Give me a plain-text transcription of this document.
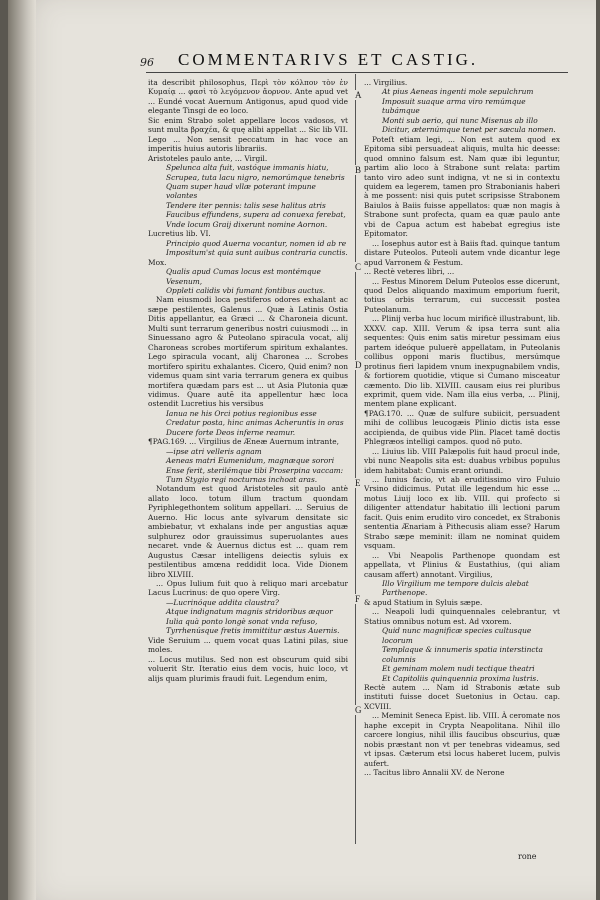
96 COMMENTARIVS ET CASTIG.

ita describit philosophus, Περὶ τὸν κόλπον τὸν ἐν Κυμαίᾳ ... φασὶ τὸ λεγόμενον ἄορνον. Ante apud vet ... Eundé vocat Auernum Antigonus, apud quod vide elegante Tinsgi de eo loco.

Sic enim Strabo solet appellare locos vadosos, vt sunt multa βραχέα, & quę alibi appellat ... Sic lib VII. Lego ... Non sensit peccatum in hac voce an imperitis huius autoris librariis.

Aristoteles paulo ante, ... Virgil.

Spelunca alta fuit, vastóque immanis hiatu,
Scrupea, tuta lacu nigro, nemorúmque tenebris
Quam super haud vllæ poterant impune volantes
Tendere iter pennis: talis sese halitus atris
Faucibus effundens, supera ad conuexa ferebat,
Vnde locum Graij dixerunt nomine Aornon.

Lucretius lib. VI.

Principio quod Auerna vocantur, nomen id ab re
Impositum'st quia sunt auibus contraria cunctis.

Mox.

Qualis apud Cumas locus est montémque Vesenum,
Oppleti calidis vbi fumant fontibus auctus.

Nam eiusmodi loca pestiferos odores exhalant ac sæpe pestilentes, Galenus ... Quæ à Latinis Ostia Ditis appellantur, ea Græci ... & Charoneia dicunt. Multi sunt terrarum generibus nostri cuiusmodi ... in Sinuessano agro & Puteolano spiracula vocat, alij Charoneas scrobes mortiferum spiritum exhalantes. Lego spiracula vocant, alij Charonea ... Scrobes mortifero spiritu exhalantes. Cicero, Quid enim? non videmus quam sint varia terrarum genera ex quibus mortifera quædam pars est ... ut Asia Plutonia quæ vidimus. Quare autē ita appellentur hæc loca ostendit Lucretius his versibus

Ianua ne his Orci potius regionibus esse
Credatur posta, hinc animas Acheruntis in oras
Ducere forte Deos inferne reamur.

¶PAG.169. ... Virgilius de Æneæ Auernum intrante,

—ipse atri velleris agnam
Aeneas matri Eumenidum, magnæque sorori
Ense ferit, sterilémque tibi Proserpina vaccam:
Tum Stygio regi nocturnas inchoat aras.

Notandum est quod Aristoteles sit paulo antè allato loco. totum illum tractum quondam Pyriphlegethontem solitum appellari. ... Seruius de Auerno. Hic locus ante sylvarum densitate sic ambiebatur, vt exhalans inde per angustias aquæ sulphurez odor grauissimus superuolantes aues necaret. vnde & Auernus dictus est ... quam rem Augustus Cæsar intelligens deiectis syluis ex pestilentibus amœna reddidit loca. Vide Dionem libro XLVIII.

... Opus Iulium fuit quo à reliquo mari arcebatur Lacus Lucrinus: de quo opere Virg.

—Lucrinóque addita claustra?
Atque indignatum magnis stridoribus æquor
Iulia quà ponto longè sonat vnda refuso,
Tyrrhenúsque fretis immittitur æstus Auernis.

Vide Seruium ... quem vocat quas Latini pilas, siue moles.

... Locus mutilus. Sed non est obscurum quid sibi voluerit Str. Iteratio eius dem vocis, huic loco, vt alijs quam plurimis fraudi fuit. Legendum enim,

... Virgilius.

At pius Aeneas ingenti mole sepulchrum
Imposuit suaque arma viro remúmque tubámque
Monti sub aerio, qui nunc Misenus ab illo
Dicitur, æternúmque tenet per sæcula nomen.

Poteſt etiam legi, ... Non est autem quod ex Epitoma sibi persuadeat aliquis, multa hic deesse: quod omnino falsum est. Nam quæ ibi leguntur, partim alio loco à Strabone sunt relata: partim tanto viro adeo sunt indigna, vt ne si in contextu quidem ea legerem, tamen pro Strabonianis haberi à me possent: nisi quis putet scripsisse Strabonem Baiulos à Baiis fuisse appellatos: quæ non magis à Strabone sunt profecta, quam ea quæ paulo ante vbi de Capua actum est habebat egregius iste Epitomator.

... Iosephus autor est à Baiis ftad. quinque tantum distare Puteolos. Puteoli autem vnde dicantur lege apud Varronem & Festum.

... Rectè veteres libri, ...

... Festus Minorem Delum Puteolos esse dicerunt, quod Delos aliquando maximum emporium fuerit, totius orbis terrarum, cui successit postea Puteolanum.

... Plinij verba huc locum mirificè illustrabunt, lib. XXXV. cap. XIII. Verum & ipsa terra sunt alia sequentes: Quis enim satis miretur pessimam eius partem ideóque puluerè appellatam, in Puteolanis collibus opponi maris fluctibus, mersúmque protinus fieri lapidem vnum inexpugnabilem vndis, & fortiorem quotidie, vtique si Cumano misceatur cæmento. Dio lib. XLVIII. causam eius rei pluribus exprimit, quem vide. Nam illa eius verba, ... Plinij, mentem plane explicant.

¶PAG.170. ... Quæ de sulfure subiicit, persuadent mihi de collibus leucogæis Plinio dictis ista esse accipienda, de quibus vide Plin. Placet tamē doctis Phlegræos intelligi campos. quod nō puto.

... Liuius lib. VIII Palæpolis fuit haud procul inde, vbi nunc Neapolis sita est: duabus vrbibus populus idem habitabat: Cumis erant oriundi.

... Iunius facio, vt ab eruditissimo viro Fuluio Vrsino didicimus. Putat ille legendum hic esse ... motus Liuij loco ex lib. VIII. qui profecto si diligenter attendatur habitatio illi lectioni parum facit. Quis enim erudito viro concedet, ex Strabonis sententia Ænariam à Pithecusis aliam esse? Harum Strabo sæpe meminit: illam ne nominat quidem vsquam.

... Vbi Neapolis Parthenope quondam est appellata, vt Plinius & Eustathius, (qui aliam causam affert) annotant. Virgilius,

Illo Virgilium me tempore dulcis alebat
Parthenope.

& apud Statium in Syluis sæpe.

... Neapoli ludi quinquennales celebrantur, vt Statius omnibus notum est. Ad vxorem.

Quid nunc magnificæ species cultusque locorum
Templaque & innumeris spatia interstincta columnis
Et geminam molem nudi tectique theatri
Et Capitoliis quinquennia proxima lustris.

Rectè autem ... Nam id Strabonis ætate sub instituti fuisse docet Suetonius in Octau. cap. XCVIII.

... Meminit Seneca Epist. lib. VIII. À ceromate nos haphe excepit in Crypta Neapolitana. Nihil illo carcere longius, nihil illis faucibus obscurius, quæ nobis præstant non vt per tenebras videamus, sed vt ipsas. Cæterum etsi locus haberet lucem, pulvis aufert.

... Tacitus libro Annalii XV. de Nerone

A
B
C
D
E
F
G
rone
